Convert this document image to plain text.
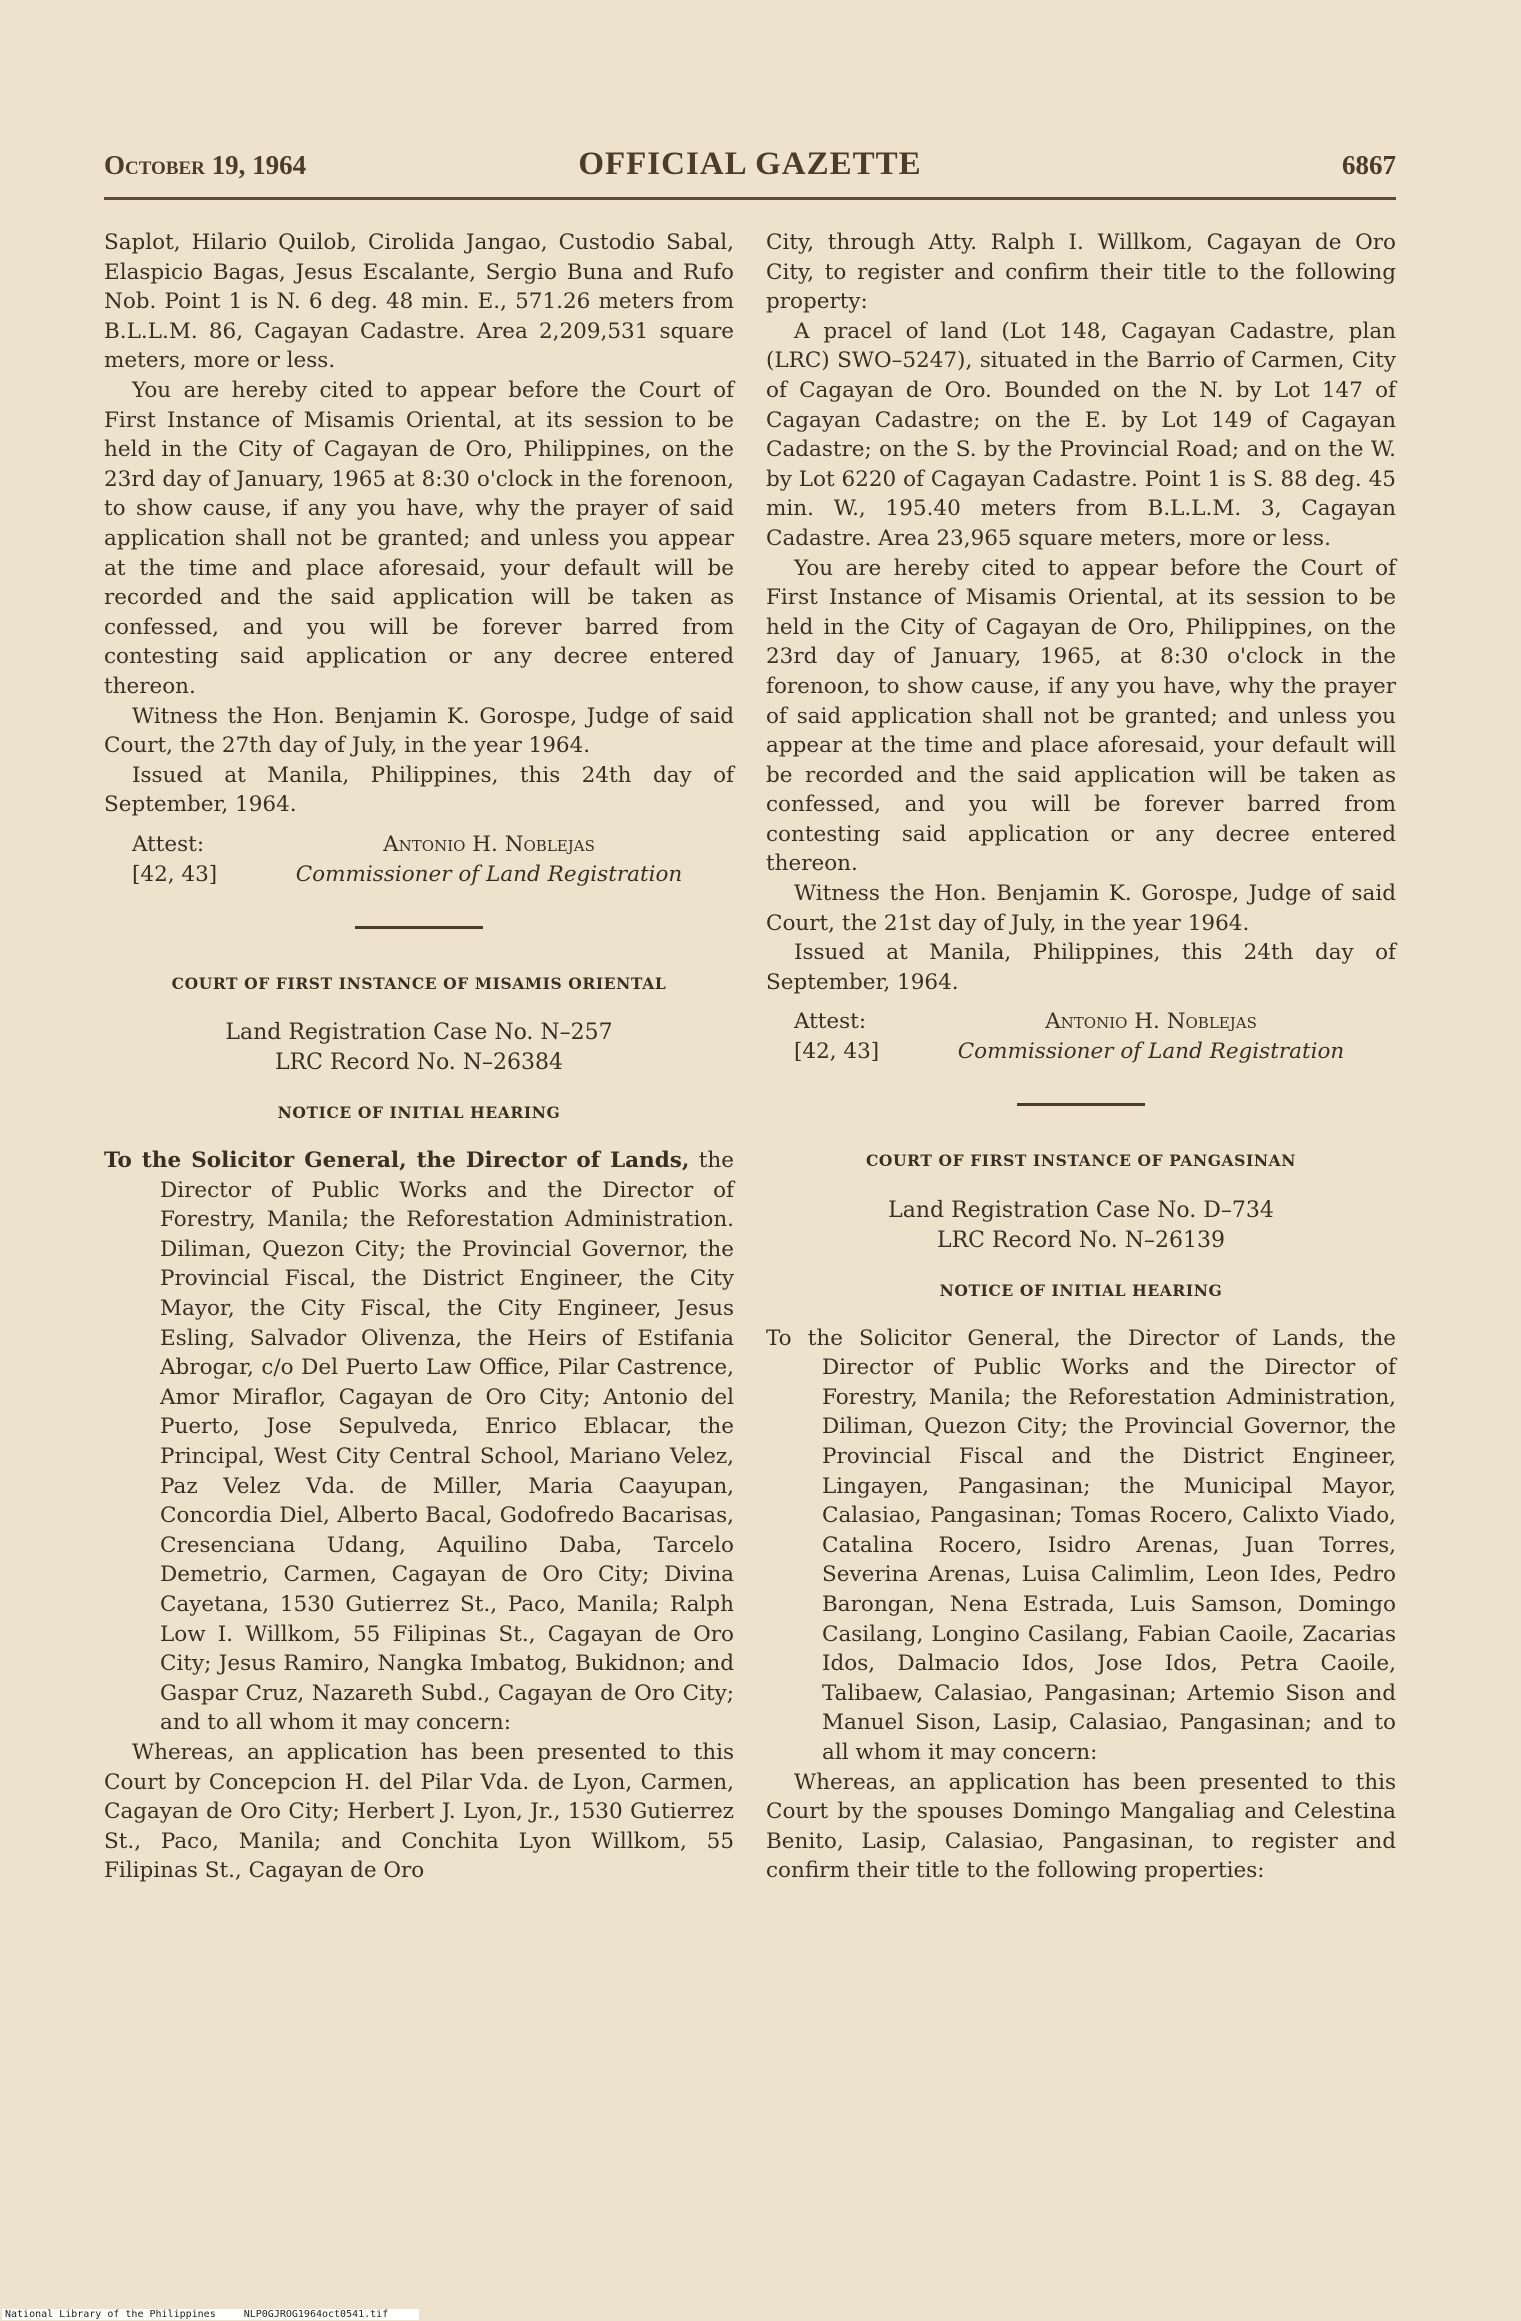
October 19, 1964	OFFICIAL GAZETTE	6867

Saplot, Hilario Quilob, Cirolida Jangao, Custodio Sabal, Elaspicio Bagas, Jesus Escalante, Sergio Buna and Rufo Nob. Point 1 is N. 6 deg. 48 min. E., 571.26 meters from B.L.L.M. 86, Cagayan Cadastre. Area 2,209,531 square meters, more or less.

You are hereby cited to appear before the Court of First Instance of Misamis Oriental, at its session to be held in the City of Cagayan de Oro, Philippines, on the 23rd day of January, 1965 at 8:30 o'clock in the forenoon, to show cause, if any you have, why the prayer of said application shall not be granted; and unless you appear at the time and place aforesaid, your default will be recorded and the said application will be taken as confessed, and you will be forever barred from contesting said application or any decree entered thereon.

Witness the Hon. Benjamin K. Gorospe, Judge of said Court, the 27th day of July, in the year 1964.

Issued at Manila, Philippines, this 24th day of September, 1964.

Attest:
[42, 43]
Antonio H. Noblejas
Commissioner of Land Registration
COURT OF FIRST INSTANCE OF MISAMIS ORIENTAL
Land Registration Case No. N–257
LRC Record No. N–26384
NOTICE OF INITIAL HEARING
To the Solicitor General, the Director of Lands, the Director of Public Works and the Director of Forestry, Manila; the Reforestation Administration. Diliman, Quezon City; the Provincial Governor, the Provincial Fiscal, the District Engineer, the City Mayor, the City Fiscal, the City Engineer, Jesus Esling, Salvador Olivenza, the Heirs of Estifania Abrogar, c/o Del Puerto Law Office, Pilar Castrence, Amor Miraflor, Cagayan de Oro City; Antonio del Puerto, Jose Sepulveda, Enrico Eblacar, the Principal, West City Central School, Mariano Velez, Paz Velez Vda. de Miller, Maria Caayupan, Concordia Diel, Alberto Bacal, Godofredo Bacarisas, Cresenciana Udang, Aquilino Daba, Tarcelo Demetrio, Carmen, Cagayan de Oro City; Divina Cayetana, 1530 Gutierrez St., Paco, Manila; Ralph Low I. Willkom, 55 Filipinas St., Cagayan de Oro City; Jesus Ramiro, Nangka Imbatog, Bukidnon; and Gaspar Cruz, Nazareth Subd., Cagayan de Oro City; and to all whom it may concern:

Whereas, an application has been presented to this Court by Concepcion H. del Pilar Vda. de Lyon, Carmen, Cagayan de Oro City; Herbert J. Lyon, Jr., 1530 Gutierrez St., Paco, Manila; and Conchita Lyon Willkom, 55 Filipinas St., Cagayan de Oro

City, through Atty. Ralph I. Willkom, Cagayan de Oro City, to register and confirm their title to the following property:

A pracel of land (Lot 148, Cagayan Cadastre, plan (LRC) SWO–5247), situated in the Barrio of Carmen, City of Cagayan de Oro. Bounded on the N. by Lot 147 of Cagayan Cadastre; on the E. by Lot 149 of Cagayan Cadastre; on the S. by the Provincial Road; and on the W. by Lot 6220 of Cagayan Cadastre. Point 1 is S. 88 deg. 45 min. W., 195.40 meters from B.L.L.M. 3, Cagayan Cadastre. Area 23,965 square meters, more or less.

You are hereby cited to appear before the Court of First Instance of Misamis Oriental, at its session to be held in the City of Cagayan de Oro, Philippines, on the 23rd day of January, 1965, at 8:30 o'clock in the forenoon, to show cause, if any you have, why the prayer of said application shall not be granted; and unless you appear at the time and place aforesaid, your default will be recorded and the said application will be taken as confessed, and you will be forever barred from contesting said application or any decree entered thereon.

Witness the Hon. Benjamin K. Gorospe, Judge of said Court, the 21st day of July, in the year 1964.

Issued at Manila, Philippines, this 24th day of September, 1964.

Attest:
[42, 43]
Antonio H. Noblejas
Commissioner of Land Registration
COURT OF FIRST INSTANCE OF PANGASINAN
Land Registration Case No. D–734
LRC Record No. N–26139
NOTICE OF INITIAL HEARING
To the Solicitor General, the Director of Lands, the Director of Public Works and the Director of Forestry, Manila; the Reforestation Administration, Diliman, Quezon City; the Provincial Governor, the Provincial Fiscal and the District Engineer, Lingayen, Pangasinan; the Municipal Mayor, Calasiao, Pangasinan; Tomas Rocero, Calixto Viado, Catalina Rocero, Isidro Arenas, Juan Torres, Severina Arenas, Luisa Calimlim, Leon Ides, Pedro Barongan, Nena Estrada, Luis Samson, Domingo Casilang, Longino Casilang, Fabian Caoile, Zacarias Idos, Dalmacio Idos, Jose Idos, Petra Caoile, Talibaew, Calasiao, Pangasinan; Artemio Sison and Manuel Sison, Lasip, Calasiao, Pangasinan; and to all whom it may concern:

Whereas, an application has been presented to this Court by the spouses Domingo Mangaliag and Celestina Benito, Lasip, Calasiao, Pangasinan, to register and confirm their title to the following properties:

National Library of the Philippines	NLP0GJROG1964oct0541.tif
